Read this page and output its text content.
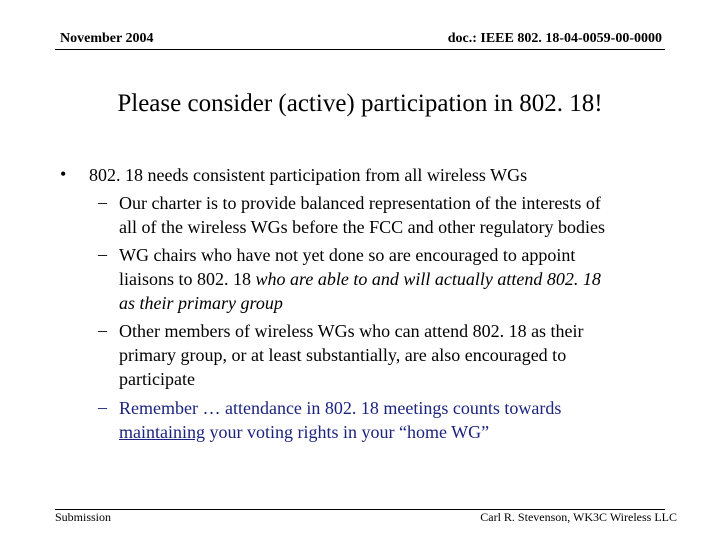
November 2004	doc.: IEEE 802. 18-04-0059-00-0000
Please consider (active) participation in 802. 18!
• 802. 18 needs consistent participation from all wireless WGs
– Our charter is to provide balanced representation of the interests of
all of the wireless WGs before the FCC and other regulatory bodies
– WG chairs who have not yet done so are encouraged to appoint
liaisons to 802. 18 who are able to and will actually attend 802. 18
as their primary group
– Other members of wireless WGs who can attend 802. 18 as their
primary group, or at least substantially, are also encouraged to
participate
– Remember … attendance in 802. 18 meetings counts towards
maintaining your voting rights in your “home WG”
Submission	Carl R. Stevenson, WK3C Wireless LLC
